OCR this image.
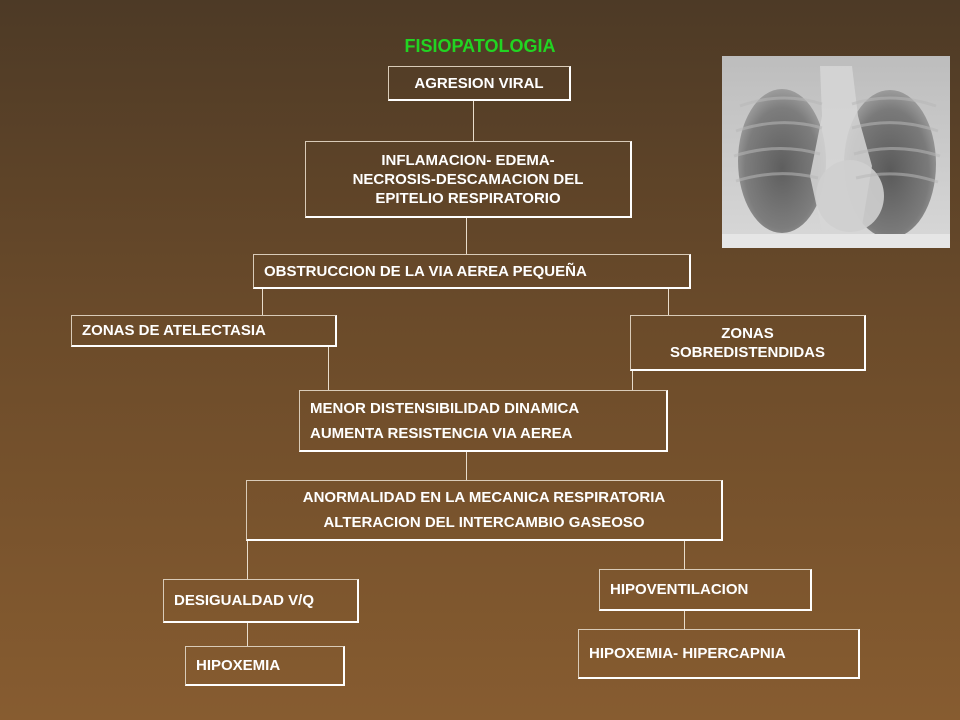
FISIOPATOLOGIA
AGRESION VIRAL
INFLAMACION- EDEMA-
NECROSIS-DESCAMACION DEL
EPITELIO RESPIRATORIO
OBSTRUCCION DE LA VIA AEREA PEQUEÑA
ZONAS DE ATELECTASIA	ZONAS
SOBREDISTENDIDAS
MENOR DISTENSIBILIDAD DINAMICA
AUMENTA RESISTENCIA VIA AEREA
ANORMALIDAD EN LA MECANICA RESPIRATORIA
ALTERACION DEL INTERCAMBIO GASEOSO
DESIGUALDAD V/Q
HIPOVENTILACION
HIPOXEMIA
HIPOXEMIA- HIPERCAPNIA
